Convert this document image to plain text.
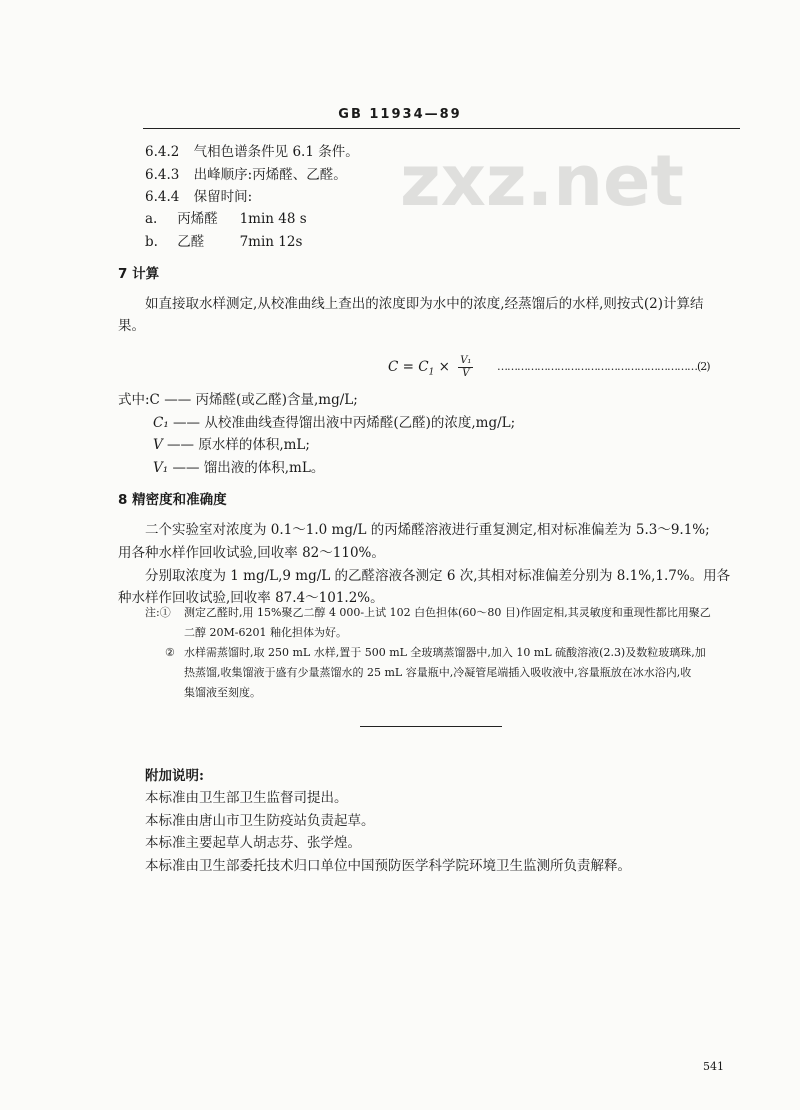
GB 11934—89
zxz.net
6.4.2 气相色谱条件见 6.1 条件。
6.4.3 出峰顺序:丙烯醛、乙醛。
6.4.4 保留时间:
a. 丙烯醛 1min 48 s
b. 乙醛	7min 12s
7 计算
如直接取水样测定,从校准曲线上查出的浓度即为水中的浓度,经蒸馏后的水样,则按式(2)计算结
果。
$C = C_1 \times \frac{\text{V₁}}{V}$ ……………………………………………………(2)
式中:C —— 丙烯醛(或乙醛)含量,mg/L;
C₁ —— 从校准曲线查得馏出液中丙烯醛(乙醛)的浓度,mg/L;
V —— 原水样的体积,mL;
V₁ —— 馏出液的体积,mL。
8 精密度和准确度
二个实验室对浓度为 0.1～1.0 mg/L 的丙烯醛溶液进行重复测定,相对标准偏差为 5.3～9.1%;
用各种水样作回收试验,回收率 82～110%。
分别取浓度为 1 mg/L,9 mg/L 的乙醛溶液各测定 6 次,其相对标准偏差分别为 8.1%,1.7%。用各
种水样作回收试验,回收率 87.4～101.2%。
注:① 测定乙醛时,用 15%聚乙二醇 4 000-上试 102 白色担体(60～80 目)作固定相,其灵敏度和重现性都比用聚乙
二醇 20M-6201 釉化担体为好。
② 水样需蒸馏时,取 250 mL 水样,置于 500 mL 全玻璃蒸馏器中,加入 10 mL 硫酸溶液(2.3)及数粒玻璃珠,加
热蒸馏,收集馏液于盛有少量蒸馏水的 25 mL 容量瓶中,冷凝管尾端插入吸收液中,容量瓶放在冰水浴内,收
集馏液至刻度。
附加说明:
本标准由卫生部卫生监督司提出。
本标准由唐山市卫生防疫站负责起草。
本标准主要起草人胡志芬、张学煌。
本标准由卫生部委托技术归口单位中国预防医学科学院环境卫生监测所负责解释。
541
